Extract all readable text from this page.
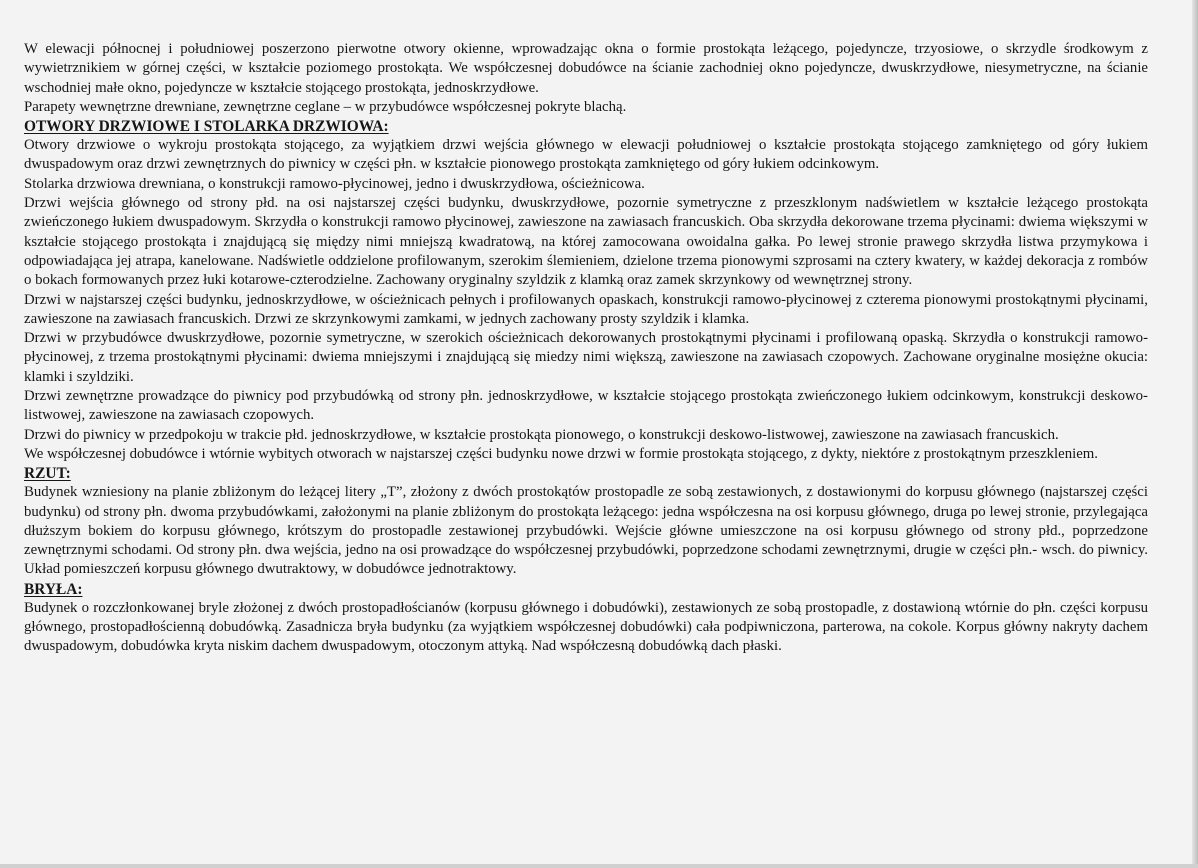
W elewacji północnej i południowej poszerzono pierwotne otwory okienne, wprowadzając okna o formie prostokąta leżącego, pojedyncze, trzyosiowe, o skrzydle środkowym z wywietrznikiem w górnej części, w kształcie poziomego prostokąta. We współczesnej dobudówce na ścianie zachodniej okno pojedyncze, dwuskrzydłowe, niesymetryczne, na ścianie wschodniej małe okno, pojedyncze w kształcie stojącego prostokąta, jednoskrzydłowe.

Parapety wewnętrzne drewniane, zewnętrzne ceglane – w przybudówce współczesnej pokryte blachą.

OTWORY DRZWIOWE I STOLARKA DRZWIOWA:

Otwory drzwiowe o wykroju prostokąta stojącego, za wyjątkiem drzwi wejścia głównego w elewacji południowej o kształcie prostokąta stojącego zamkniętego od góry łukiem dwuspadowym oraz drzwi zewnętrznych do piwnicy w części płn. w kształcie pionowego prostokąta zamkniętego od góry łukiem odcinkowym.

Stolarka drzwiowa drewniana, o konstrukcji ramowo-płycinowej, jedno i dwuskrzydłowa, ościeżnicowa.

Drzwi wejścia głównego od strony płd. na osi najstarszej części budynku, dwuskrzydłowe, pozornie symetryczne z przeszklonym nadświetlem w kształcie leżącego prostokąta zwieńczonego łukiem dwuspadowym. Skrzydła o konstrukcji ramowo płycinowej, zawieszone na zawiasach francuskich. Oba skrzydła dekorowane trzema płycinami: dwiema większymi w kształcie stojącego prostokąta i znajdującą się między nimi mniejszą kwadratową, na której zamocowana owoidalna gałka. Po lewej stronie prawego skrzydła listwa przymykowa i odpowiadająca jej atrapa, kanelowane. Nadświetle oddzielone profilowanym, szerokim ślemieniem, dzielone trzema pionowymi szprosami na cztery kwatery, w każdej dekoracja z rombów o bokach formowanych przez łuki kotarowe-czterodzielne. Zachowany oryginalny szyldzik z klamką oraz zamek skrzynkowy od wewnętrznej strony.

Drzwi w najstarszej części budynku, jednoskrzydłowe, w ościeżnicach pełnych i profilowanych opaskach, konstrukcji ramowo-płycinowej z czterema pionowymi prostokątnymi płycinami, zawieszone na zawiasach francuskich. Drzwi ze skrzynkowymi zamkami, w jednych zachowany prosty szyldzik i klamka.

Drzwi w przybudówce dwuskrzydłowe, pozornie symetryczne, w szerokich ościeżnicach dekorowanych prostokątnymi płycinami i profilowaną opaską. Skrzydła o konstrukcji ramowo-płycinowej, z trzema prostokątnymi płycinami: dwiema mniejszymi i znajdującą się miedzy nimi większą, zawieszone na zawiasach czopowych. Zachowane oryginalne mosiężne okucia: klamki i szyldziki.

Drzwi zewnętrzne prowadzące do piwnicy pod przybudówką od strony płn. jednoskrzydłowe, w kształcie stojącego prostokąta zwieńczonego łukiem odcinkowym, konstrukcji deskowo-listwowej, zawieszone na zawiasach czopowych.

Drzwi do piwnicy w przedpokoju w trakcie płd. jednoskrzydłowe, w kształcie prostokąta pionowego, o konstrukcji deskowo-listwowej, zawieszone na zawiasach francuskich.

We współczesnej dobudówce i wtórnie wybitych otworach w najstarszej części budynku nowe drzwi w formie prostokąta stojącego, z dykty, niektóre z prostokątnym przeszkleniem.

RZUT:

Budynek wzniesiony na planie zbliżonym do leżącej litery „T”, złożony z dwóch prostokątów prostopadle ze sobą zestawionych, z dostawionymi do korpusu głównego (najstarszej części budynku) od strony płn. dwoma przybudówkami, założonymi na planie zbliżonym do prostokąta leżącego: jedna współczesna na osi korpusu głównego, druga po lewej stronie, przylegająca dłuższym bokiem do korpusu głównego, krótszym do prostopadle zestawionej przybudówki. Wejście główne umieszczone na osi korpusu głównego od strony płd., poprzedzone zewnętrznymi schodami. Od strony płn. dwa wejścia, jedno na osi prowadzące do współczesnej przybudówki, poprzedzone schodami zewnętrznymi, drugie w części płn.- wsch. do piwnicy. Układ pomieszczeń korpusu głównego dwutraktowy, w dobudówce jednotraktowy.

BRYŁA:

Budynek o rozczłonkowanej bryle złożonej z dwóch prostopadłościanów (korpusu głównego i dobudówki), zestawionych ze sobą prostopadle, z dostawioną wtórnie do płn. części korpusu głównego, prostopadłościenną dobudówką. Zasadnicza bryła budynku (za wyjątkiem współczesnej dobudówki) cała podpiwniczona, parterowa, na cokole. Korpus główny nakryty dachem dwuspadowym, dobudówka kryta niskim dachem dwuspadowym, otoczonym attyką. Nad współczesną dobudówką dach płaski.
